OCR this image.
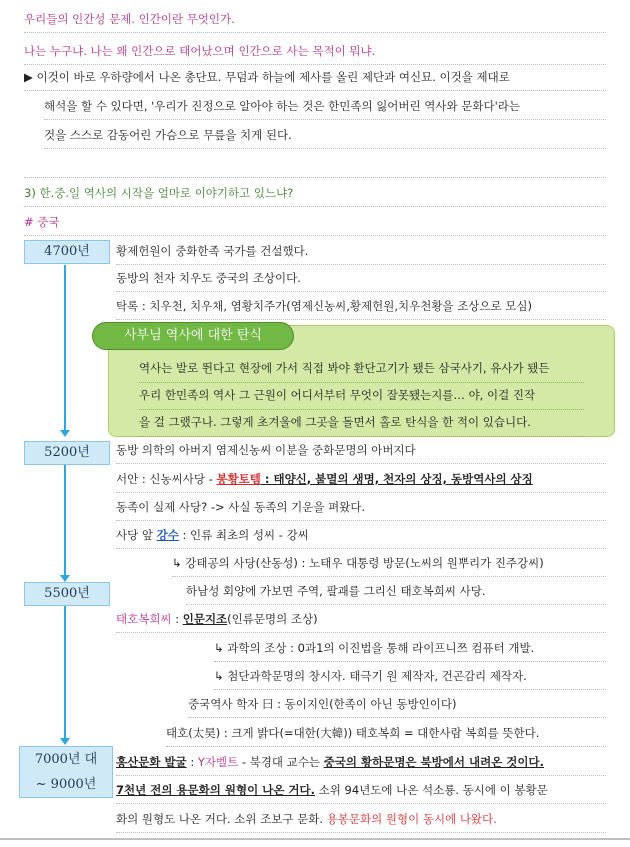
우리들의 인간성 문제. 인간이란 무엇인가.
나는 누구냐. 나는 왜 인간으로 태어났으며 인간으로 사는 목적이 뭐냐.
▶ 이것이 바로 우하량에서 나온 총단묘. 무덤과 하늘에 제사를 올린 제단과 여신묘. 이것을 제대로
해석을 할 수 있다면, '우리가 진정으로 알아야 하는 것은 한민족의 잃어버린 역사와 문화다'라는
것을 스스로 감동어린 가슴으로 무릎을 치게 된다.
3) 한.중.일 역사의 시작을 얼마로 이야기하고 있느냐?
# 중국
4700년
5200년
5500년
7000년 대
~ 9000년
황제헌원이 중화한족 국가를 건설했다.
동방의 천자 치우도 중국의 조상이다.
탁록 : 치우천, 치우채, 염황치주가(염제신농씨,황제헌원,치우천황을 조상으로 모심)
역사는 발로 뛴다고 현장에 가서 직접 봐야 환단고기가 됐든 삼국사기, 유사가 됐든
우리 한민족의 역사 그 근원이 어디서부터 무엇이 잘못됐는지를… 야, 이걸 진작
을 걸 그랬구나. 그렇게 초겨울에 그곳을 돌면서 홀로 탄식을 한 적이 있습니다.
사부님 역사에 대한 탄식
동방 의학의 아버지 염제신농씨 이분을 중화문명의 아버지다
서안 : 신농씨사당 - 봉황토템 : 태양신, 불멸의 생명, 천자의 상징, 동방역사의 상징
동족이 실제 사당? -> 사실 동족의 기운을 펴왔다.
사당 앞 강수 : 인류 최초의 성씨 - 강씨
↳ 강태공의 사당(산동성) : 노태우 대통령 방문(노씨의 원뿌리가 진주강씨)
하남성 회양에 가보면 주역, 팔괘를 그리신 태호복희씨 사당.
태호복희씨 : 인문지조(인류문명의 조상)
↳ 과학의 조상 : 0과1의 이진법을 통해 라이프니쯔 컴퓨터 개발.
↳ 첨단과학문명의 창시자. 태극기 원 제작자, 건곤감리 제작자.
중국역사 학자 曰 : 동이지인(한족이 아닌 동방인이다)
태호(太昊) : 크게 밝다(=대한(大韓)) 태호복희 = 대한사람 복희를 뜻한다.
홍산문화 발굴 : Y자벨트 - 북경대 교수는 중국의 황하문명은 북방에서 내려온 것이다.
7천년 전의 용문화의 원형이 나온 거다. 소위 94년도에 나온 석소룡. 동시에 이 봉황문
화의 원형도 나온 거다. 소위 조보구 문화. 용봉문화의 원형이 동시에 나왔다.
